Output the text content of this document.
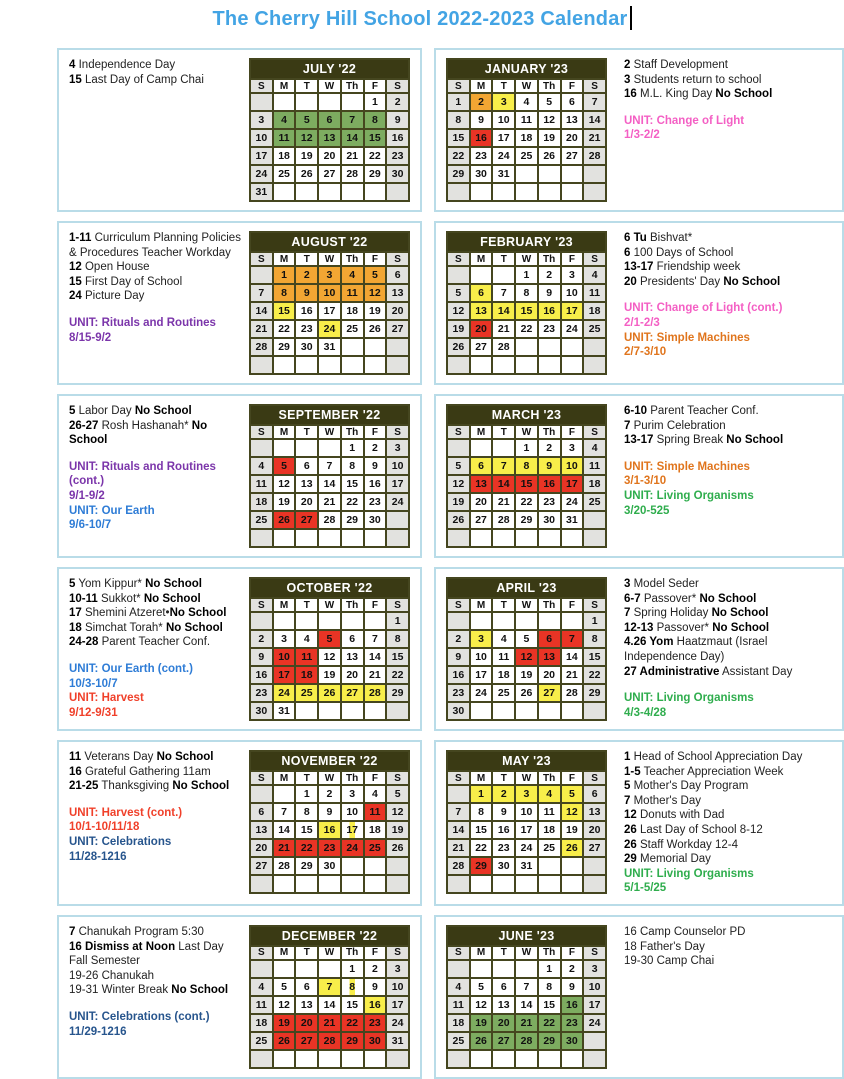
The Cherry Hill School 2022-2023 Calendar
4 Independence Day
15 Last Day of Camp Chai
JULY '22						
S	M	T	W	Th	F	S
					1	2
3	4	5	6	7	8	9
10	11	12	13	14	15	16
17	18	19	20	21	22	23
24	25	26	27	28	29	30
31						
JANUARY '23						
S	M	T	W	Th	F	S
1	2	3	4	5	6	7
8	9	10	11	12	13	14
15	16	17	18	19	20	21
22	23	24	25	26	27	28
29	30	31				

2 Staff Development
3 Students return to school
16 M.L. King Day No School
UNIT: Change of Light
1/3-2/2
1-11 Curriculum Planning Policies & Procedures Teacher Workday
12 Open House
15 First Day of School
24 Picture Day
UNIT: Rituals and Routines
8/15-9/2
AUGUST '22						
S	M	T	W	Th	F	S
	1	2	3	4	5	6
7	8	9	10	11	12	13
14	15	16	17	18	19	20
21	22	23	24	25	26	27
28	29	30	31			

FEBRUARY '23						
S	M	T	W	Th	F	S
			1	2	3	4
5	6	7	8	9	10	11
12	13	14	15	16	17	18
19	20	21	22	23	24	25
26	27	28				

6 Tu Bishvat*
6 100 Days of School
13-17 Friendship week
20 Presidents' Day No School
UNIT: Change of Light (cont.)
2/1-2/3
UNIT: Simple Machines
2/7-3/10
5 Labor Day No School
26-27 Rosh Hashanah* No School
UNIT: Rituals and Routines (cont.)
9/1-9/2
UNIT: Our Earth
9/6-10/7
SEPTEMBER '22						
S	M	T	W	Th	F	S
				1	2	3
4	5	6	7	8	9	10
11	12	13	14	15	16	17
18	19	20	21	22	23	24
25	26	27	28	29	30	

MARCH '23						
S	M	T	W	Th	F	S
			1	2	3	4
5	6	7	8	9	10	11
12	13	14	15	16	17	18
19	20	21	22	23	24	25
26	27	28	29	30	31	

6-10 Parent Teacher Conf.
7 Purim Celebration
13-17 Spring Break No School
UNIT: Simple Machines
3/1-3/10
UNIT: Living Organisms
3/20-525
5 Yom Kippur* No School
10-11 Sukkot* No School
17 Shemini Atzeret•No School
18 Simchat Torah* No School
24-28 Parent Teacher Conf.
UNIT: Our Earth (cont.)
10/3-10/7
UNIT: Harvest
9/12-9/31
OCTOBER '22						
S	M	T	W	Th	F	S
						1
2	3	4	5	6	7	8
9	10	11	12	13	14	15
16	17	18	19	20	21	22
23	24	25	26	27	28	29
30	31					
APRIL '23						
S	M	T	W	Th	F	S
						1
2	3	4	5	6	7	8
9	10	11	12	13	14	15
16	17	18	19	20	21	22
23	24	25	26	27	28	29
30						
3 Model Seder
6-7 Passover* No School
7 Spring Holiday No School
12-13 Passover* No School
4.26 Yom Haatzmaut (Israel Independence Day)
27 Administrative Assistant Day
UNIT: Living Organisms
4/3-4/28
11 Veterans Day No School
16 Grateful Gathering 11am
21-25 Thanksgiving No School
UNIT: Harvest (cont.)
10/1-10/11/18
UNIT: Celebrations
11/28-1216
NOVEMBER '22						
S	M	T	W	Th	F	S
		1	2	3	4	5
6	7	8	9	10	11	12
13	14	15	16	17	18	19
20	21	22	23	24	25	26
27	28	29	30			

MAY '23						
S	M	T	W	Th	F	S
	1	2	3	4	5	6
7	8	9	10	11	12	13
14	15	16	17	18	19	20
21	22	23	24	25	26	27
28	29	30	31			

1 Head of School Appreciation Day
1-5 Teacher Appreciation Week
5 Mother's Day Program
7 Mother's Day
12 Donuts with Dad
26 Last Day of School 8-12
26 Staff Workday 12-4
29 Memorial Day
UNIT: Living Organisms
5/1-5/25
7 Chanukah Program 5:30
16 Dismiss at Noon Last Day Fall Semester
19-26 Chanukah
19-31 Winter Break No School
UNIT: Celebrations (cont.)
11/29-1216
DECEMBER '22						
S	M	T	W	Th	F	S
				1	2	3
4	5	6	7	8	9	10
11	12	13	14	15	16	17
18	19	20	21	22	23	24
25	26	27	28	29	30	31

JUNE '23						
S	M	T	W	Th	F	S
				1	2	3
4	5	6	7	8	9	10
11	12	13	14	15	16	17
18	19	20	21	22	23	24
25	26	27	28	29	30	

16 Camp Counselor PD
18 Father's Day
19-30 Camp Chai
